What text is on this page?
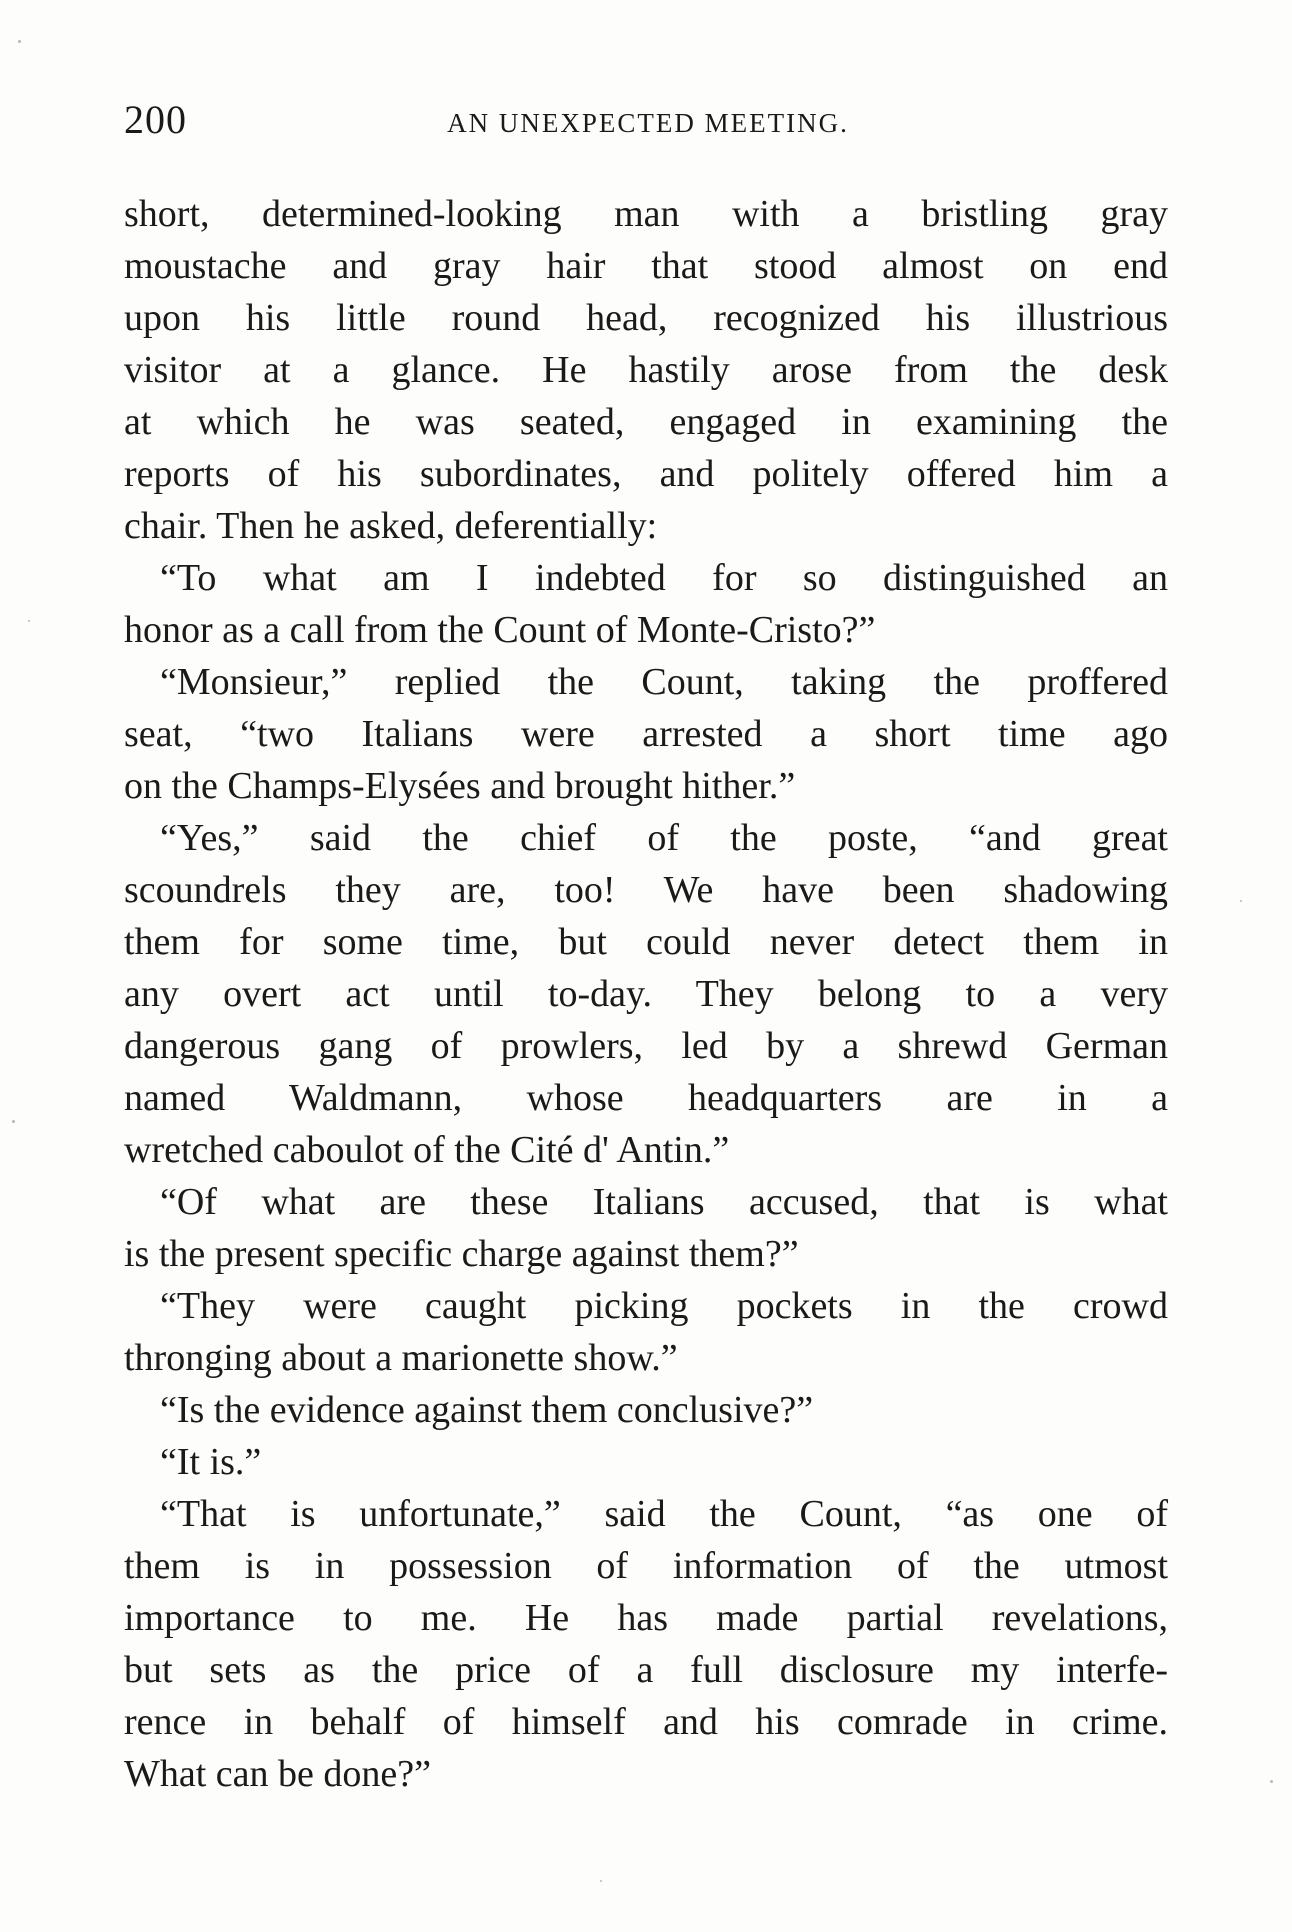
200	AN UNEXPECTED MEETING.
short, determined-looking man with a bristling gray
moustache and gray hair that stood almost on end
upon his little round head, recognized his illustrious
visitor at a glance. He hastily arose from the desk
at which he was seated, engaged in examining the
reports of his subordinates, and politely offered him a
chair. Then he asked, deferentially:
“To what am I indebted for so distinguished an
honor as a call from the Count of Monte-Cristo?”
“Monsieur,” replied the Count, taking the proffered
seat, “two Italians were arrested a short time ago
on the Champs-Elysées and brought hither.”
“Yes,” said the chief of the poste, “and great
scoundrels they are, too! We have been shadowing
them for some time, but could never detect them in
any overt act until to-day. They belong to a very
dangerous gang of prowlers, led by a shrewd German
named Waldmann, whose headquarters are in a
wretched caboulot of the Cité d' Antin.”
“Of what are these Italians accused, that is what
is the present specific charge against them?”
“They were caught picking pockets in the crowd
thronging about a marionette show.”
“Is the evidence against them conclusive?”
“It is.”
“That is unfortunate,” said the Count, “as one of
them is in possession of information of the utmost
importance to me. He has made partial revelations,
but sets as the price of a full disclosure my interfe-
rence in behalf of himself and his comrade in crime.
What can be done?”
